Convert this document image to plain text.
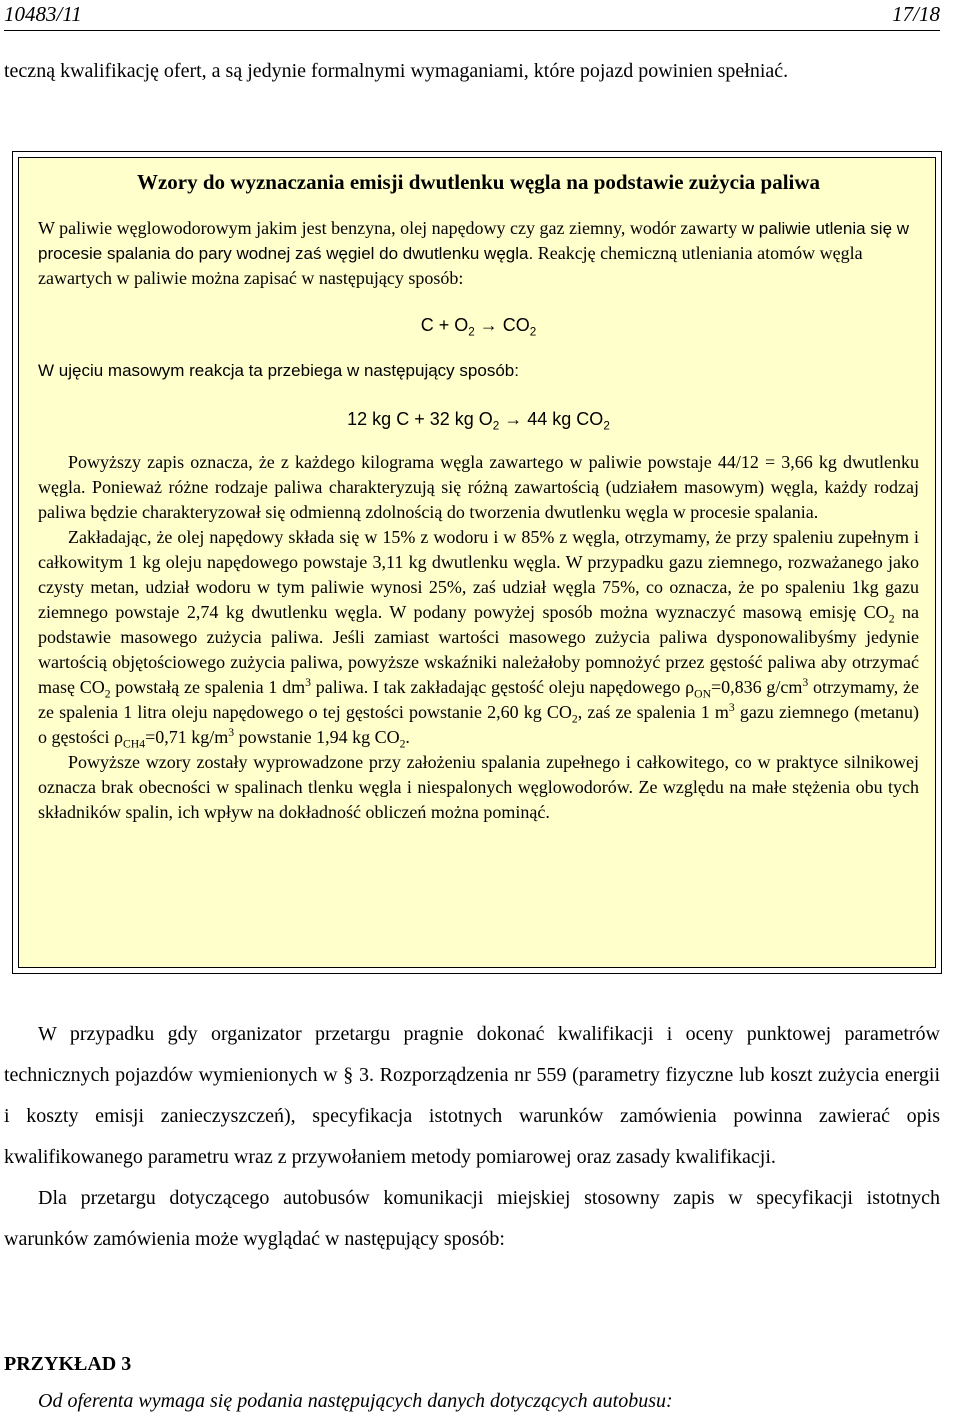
10483/11	17/18

teczną kwalifikację ofert, a są jedynie formalnymi wymaganiami, które pojazd powinien spełniać.

Wzory do wyznaczania emisji dwutlenku węgla na podstawie zużycia paliwa

W paliwie węglowodorowym jakim jest benzyna, olej napędowy czy gaz ziemny, wodór zawarty w paliwie utlenia się w procesie spalania do pary wodnej zaś węgiel do dwutlenku węgla. Reakcję chemiczną utleniania atomów węgla zawartych w paliwie można zapisać w następujący sposób:

$C + O_2 \to CO_2$

W ujęciu masowym reakcja ta przebiega w następujący sposób:

12 kg C + 32 kg $O_2 \to 44$ kg $CO_2$

Powyższy zapis oznacza, że z każdego kilograma węgla zawartego w paliwie powstaje 44/12 = 3,66 kg dwutlenku węgla. Ponieważ różne rodzaje paliwa charakteryzują się różną zawartością (udziałem masowym) węgla, każdy rodzaj paliwa będzie charakteryzował się odmienną zdolnością do tworzenia dwutlenku węgla w procesie spalania.

Zakładając, że olej napędowy składa się w 15% z wodoru i w 85% z węgla, otrzymamy, że przy spaleniu zupełnym i całkowitym 1 kg oleju napędowego powstaje 3,11 kg dwutlenku węgla. W przypadku gazu ziemnego, rozważanego jako czysty metan, udział wodoru w tym paliwie wynosi 25%, zaś udział węgla 75%, co oznacza, że po spaleniu 1kg gazu ziemnego powstaje 2,74 kg dwutlenku węgla. W podany powyżej sposób można wyznaczyć masową emisję $CO_2$ na podstawie masowego zużycia paliwa. Jeśli zamiast wartości masowego zużycia paliwa dysponowalibyśmy jedynie wartością objętościowego zużycia paliwa, powyższe wskaźniki należałoby pomnożyć przez gęstość paliwa aby otrzymać masę $CO_2$ powstałą ze spalenia 1 $dm^3$ paliwa. I tak zakładając gęstość oleju napędowego $\rho_{ON}=0,836$ $g/cm^3$ otrzymamy, że ze spalenia 1 litra oleju napędowego o tej gęstości powstanie 2,60 kg $CO_2$, zaś ze spalenia 1 $m^3$ gazu ziemnego (metanu) o gęstości $\rho_{CH4}=0,71$ $kg/m^3$ powstanie 1,94 kg $CO_2$.

Powyższe wzory zostały wyprowadzone przy założeniu spalania zupełnego i całkowitego, co w praktyce silnikowej oznacza brak obecności w spalinach tlenku węgla i niespalonych węglowodorów. Ze względu na małe stężenia obu tych składników spalin, ich wpływ na dokładność obliczeń można pominąć.

W przypadku gdy organizator przetargu pragnie dokonać kwalifikacji i oceny punktowej parametrów technicznych pojazdów wymienionych w § 3. Rozporządzenia nr 559 (parametry fizyczne lub koszt zużycia energii i koszty emisji zanieczyszczeń), specyfikacja istotnych warunków zamówienia powinna zawierać opis kwalifikowanego parametru wraz z przywołaniem metody pomiarowej oraz zasady kwalifikacji.

Dla przetargu dotyczącego autobusów komunikacji miejskiej stosowny zapis w specyfikacji istotnych warunków zamówienia może wyglądać w następujący sposób:

PRZYKŁAD 3

Od oferenta wymaga się podania następujących danych dotyczących autobusu:
